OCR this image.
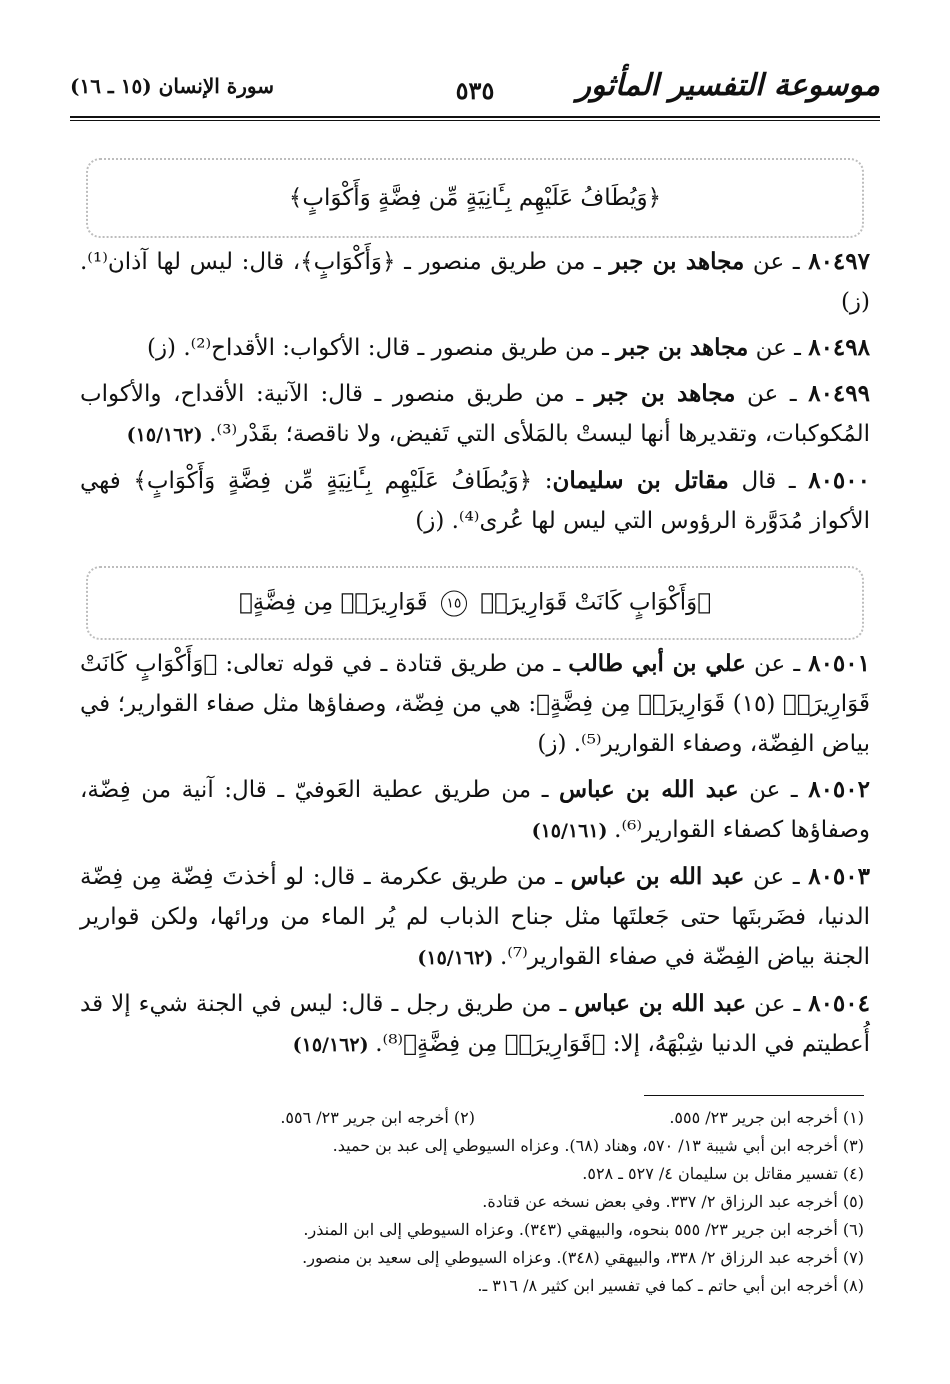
موسوعة التفسير المأثور
٥٣٥
سورة الإنسان (١٥ ـ ١٦)
﴿وَيُطَافُ عَلَيْهِم بِـَٔانِيَةٍ مِّن فِضَّةٍ وَأَكْوَابٍ﴾

٨٠٤٩٧ ـ عن مجاهد بن جبر ـ من طريق منصور ـ ﴿وَأَكْوَابٍ﴾، قال: ليس لها آذان⁽¹⁾. (ز)

٨٠٤٩٨ ـ عن مجاهد بن جبر ـ من طريق منصور ـ قال: الأكواب: الأقداح⁽²⁾. (ز)

٨٠٤٩٩ ـ عن مجاهد بن جبر ـ من طريق منصور ـ قال: الآنية: الأقداح، والأكواب المُكوكبات، وتقديرها أنها ليستْ بالمَلأى التي تَفيض، ولا ناقصة؛ بقَدْر⁽³⁾. (١٥/١٦٢)

٨٠٥٠٠ ـ قال مقاتل بن سليمان: ﴿وَيُطَافُ عَلَيْهِم بِـَٔانِيَةٍ مِّن فِضَّةٍ وَأَكْوَابٍ﴾ فهي الأكواز مُدَوَّرة الرؤوس التي ليس لها عُرى⁽⁴⁾. (ز)

﴿وَأَكْوَابٍ كَانَتْ قَوَارِيرَا۠ ١٥ قَوَارِيرَا۟ مِن فِضَّةٍ﴾

٨٠٥٠١ ـ عن علي بن أبي طالب ـ من طريق قتادة ـ في قوله تعالى: ﴿وَأَكْوَابٍ كَانَتْ قَوَارِيرَا۠ (١٥) قَوَارِيرَا۟ مِن فِضَّةٍ﴾: هي من فِضّة، وصفاؤها مثل صفاء القوارير؛ في بياض الفِضّة، وصفاء القوارير⁽⁵⁾. (ز)

٨٠٥٠٢ ـ عن عبد الله بن عباس ـ من طريق عطية العَوفيّ ـ قال: آنية من فِضّة، وصفاؤها كصفاء القوارير⁽⁶⁾. (١٥/١٦١)

٨٠٥٠٣ ـ عن عبد الله بن عباس ـ من طريق عكرمة ـ قال: لو أخذتَ فِضّة مِن فِضّة الدنيا، فضَربتَها حتى جَعلتَها مثل جناح الذباب لم يُر الماء من ورائها، ولكن قوارير الجنة بياض الفِضّة في صفاء القوارير⁽⁷⁾. (١٥/١٦٢)

٨٠٥٠٤ ـ عن عبد الله بن عباس ـ من طريق رجل ـ قال: ليس في الجنة شيء إلا قد أُعطيتم في الدنيا شِبْهَهُ، إلا: ﴿قَوَارِيرَا۟ مِن فِضَّةٍ﴾⁽⁸⁾. (١٥/١٦٢)

(١) أخرجه ابن جرير ٢٣/ ٥٥٥.
(٢) أخرجه ابن جرير ٢٣/ ٥٥٦.
(٣) أخرجه ابن أبي شيبة ١٣/ ٥٧٠، وهناد (٦٨). وعزاه السيوطي إلى عبد بن حميد.
(٤) تفسير مقاتل بن سليمان ٤/ ٥٢٧ ـ ٥٢٨.
(٥) أخرجه عبد الرزاق ٢/ ٣٣٧. وفي بعض نسخه عن قتادة.
(٦) أخرجه ابن جرير ٢٣/ ٥٥٥ بنحوه، والبيهقي (٣٤٣). وعزاه السيوطي إلى ابن المنذر.
(٧) أخرجه عبد الرزاق ٢/ ٣٣٨، والبيهقي (٣٤٨). وعزاه السيوطي إلى سعيد بن منصور.
(٨) أخرجه ابن أبي حاتم ـ كما في تفسير ابن كثير ٨/ ٣١٦ ـ.
